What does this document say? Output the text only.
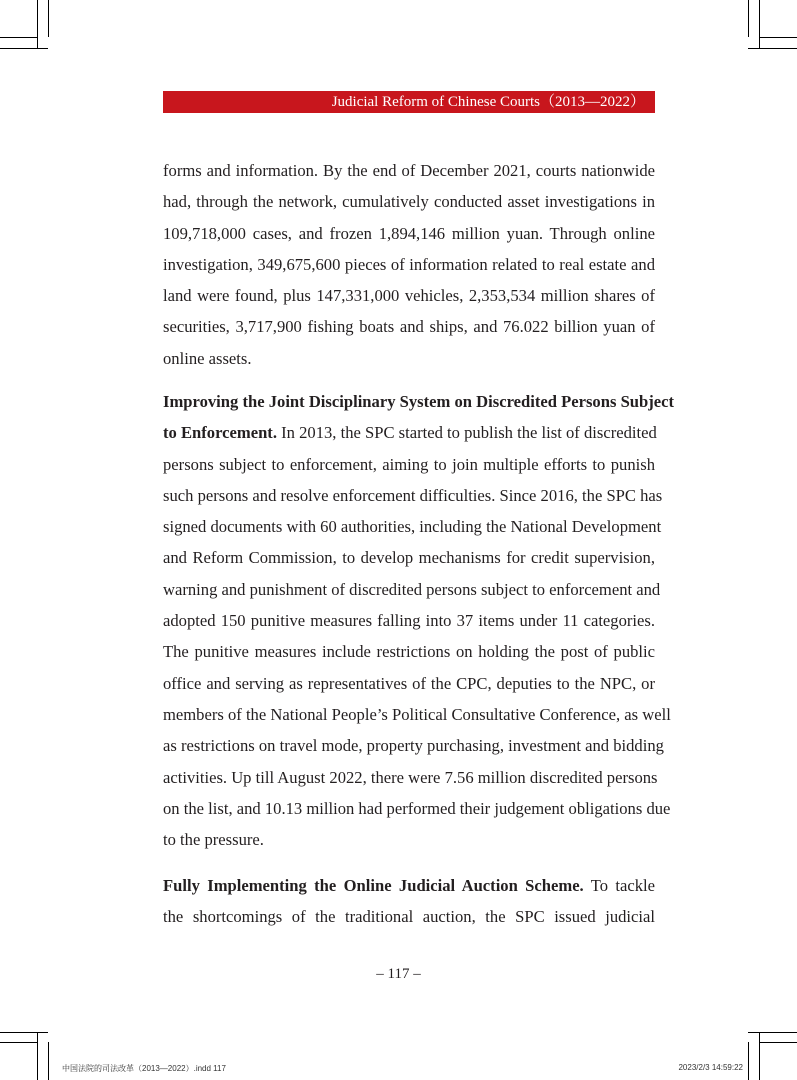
Judicial Reform of Chinese Courts（2013—2022）

forms and information. By the end of December 2021, courts nationwide
had, through the network, cumulatively conducted asset investigations in
109,718,000 cases, and frozen 1,894,146 million yuan. Through online
investigation, 349,675,600 pieces of information related to real estate and
land were found, plus 147,331,000 vehicles, 2,353,534 million shares of
securities, 3,717,900 fishing boats and ships, and 76.022 billion yuan of
online assets.

Improving the Joint Disciplinary System on Discredited Persons Subject
to Enforcement. In 2013, the SPC started to publish the list of discredited
persons subject to enforcement, aiming to join multiple efforts to punish
such persons and resolve enforcement difficulties. Since 2016, the SPC has
signed documents with 60 authorities, including the National Development
and Reform Commission, to develop mechanisms for credit supervision,
warning and punishment of discredited persons subject to enforcement and
adopted 150 punitive measures falling into 37 items under 11 categories.
The punitive measures include restrictions on holding the post of public
office and serving as representatives of the CPC, deputies to the NPC, or
members of the National People’s Political Consultative Conference, as well
as restrictions on travel mode, property purchasing, investment and bidding
activities. Up till August 2022, there were 7.56 million discredited persons
on the list, and 10.13 million had performed their judgement obligations due
to the pressure.

Fully Implementing the Online Judicial Auction Scheme. To tackle
the shortcomings of the traditional auction, the SPC issued judicial

– 117 –
中国法院的司法改革（2013—2022）.indd 117	2023/2/3 14:59:22
